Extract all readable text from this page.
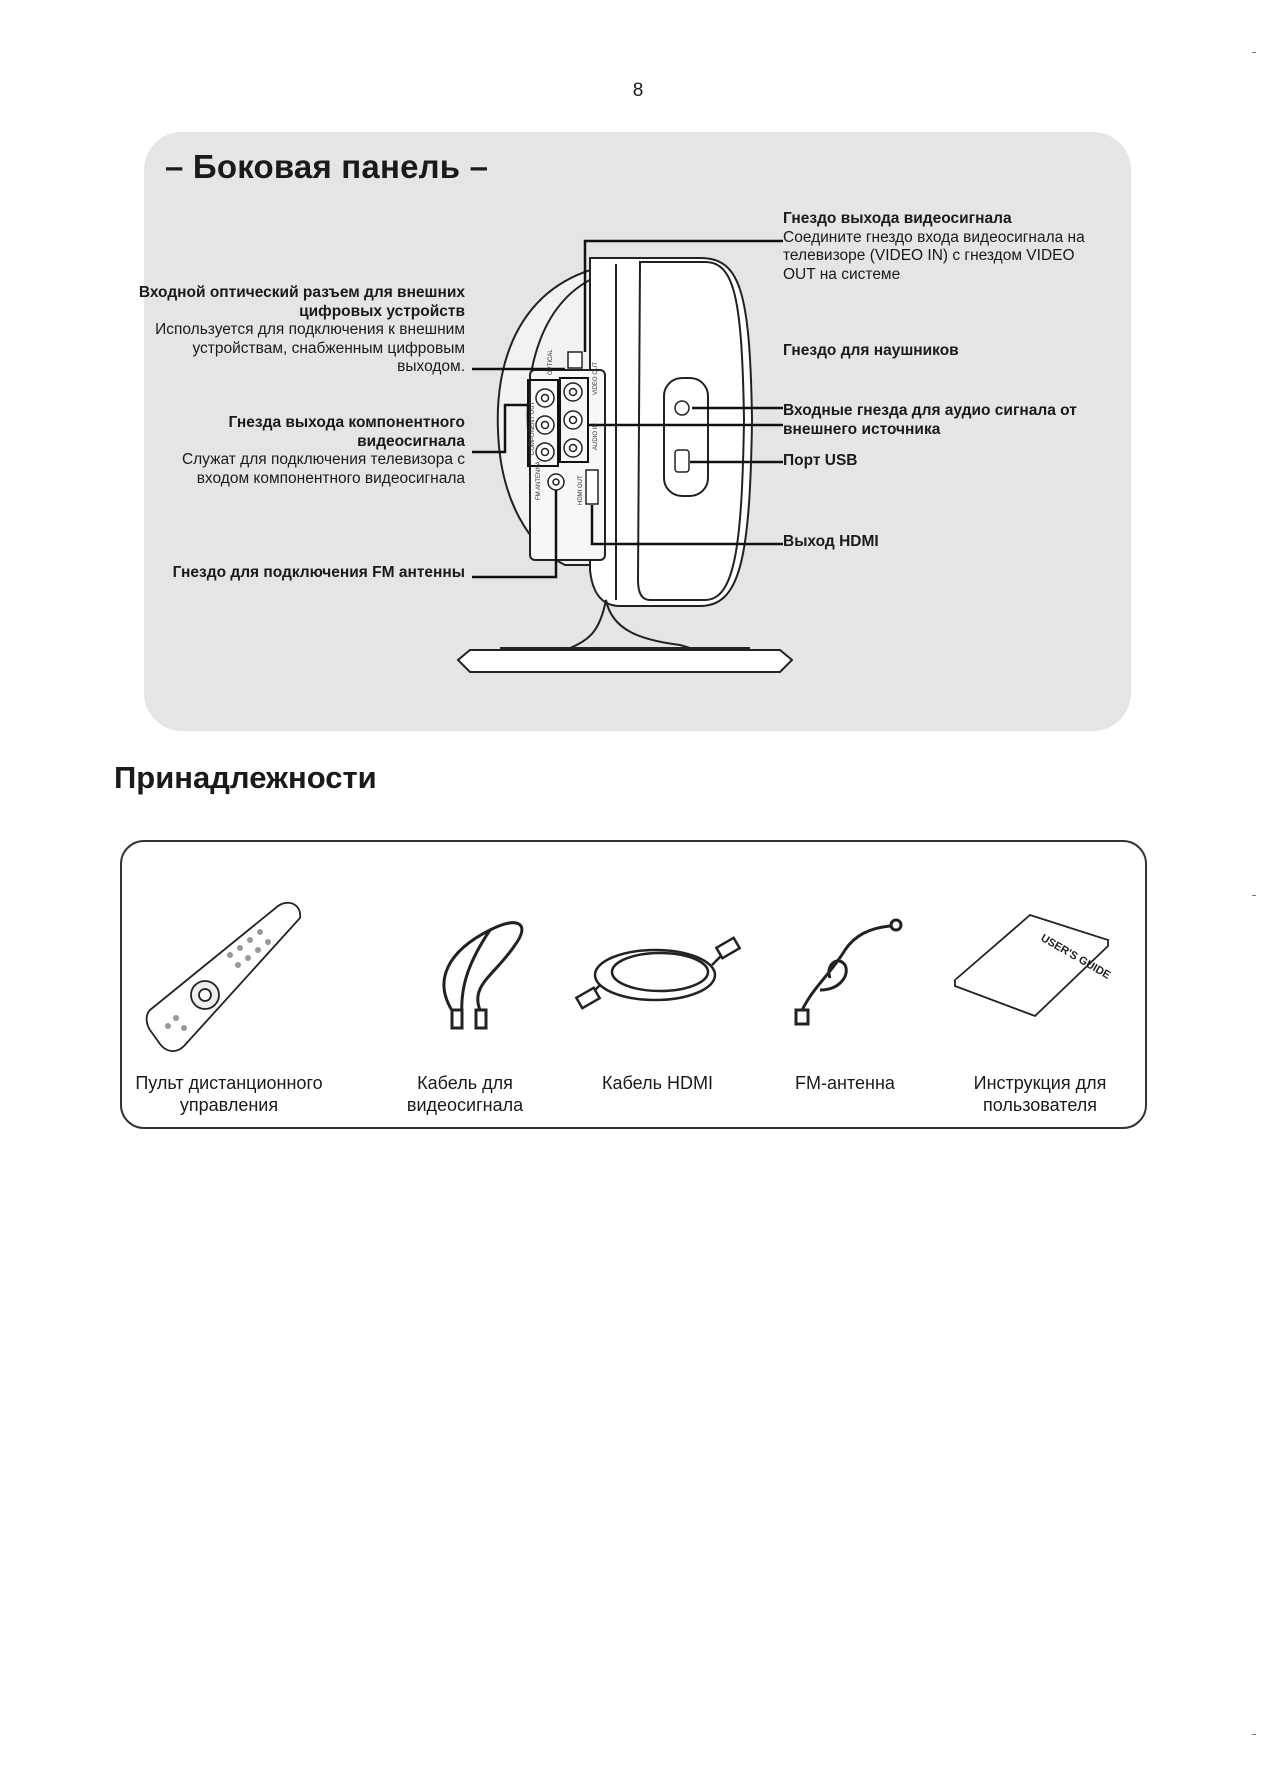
8
– Боковая панель –
OPTICAL	VIDEO OUT
COMPONENT OUT	AUDIO IN
FM ANTENNA	HDMI OUT
Гнездо выхода видеосигнала
Соедините гнездо входа видеосигнала на
телевизоре (VIDEO IN) с гнездом VIDEO
OUT на системе
Гнездо для наушников
Входные гнезда для аудио сигнала от
внешнего источника
Порт USB
Выход HDMI
Входной оптический разъем для внешних
цифровых устройств
Используется для подключения к внешним
устройствам, снабженным цифровым
выходом.
Гнезда выхода компонентного
видеосигнала
Служат для подключения телевизора с
входом компонентного видеосигнала
Гнездо для подключения FM антенны
Принадлежности
USER'S GUIDE
Пульт дистанционного
управления
Кабель для
видеосигнала
Кабель HDMI	FM-антенна	Инструкция для
пользователя
